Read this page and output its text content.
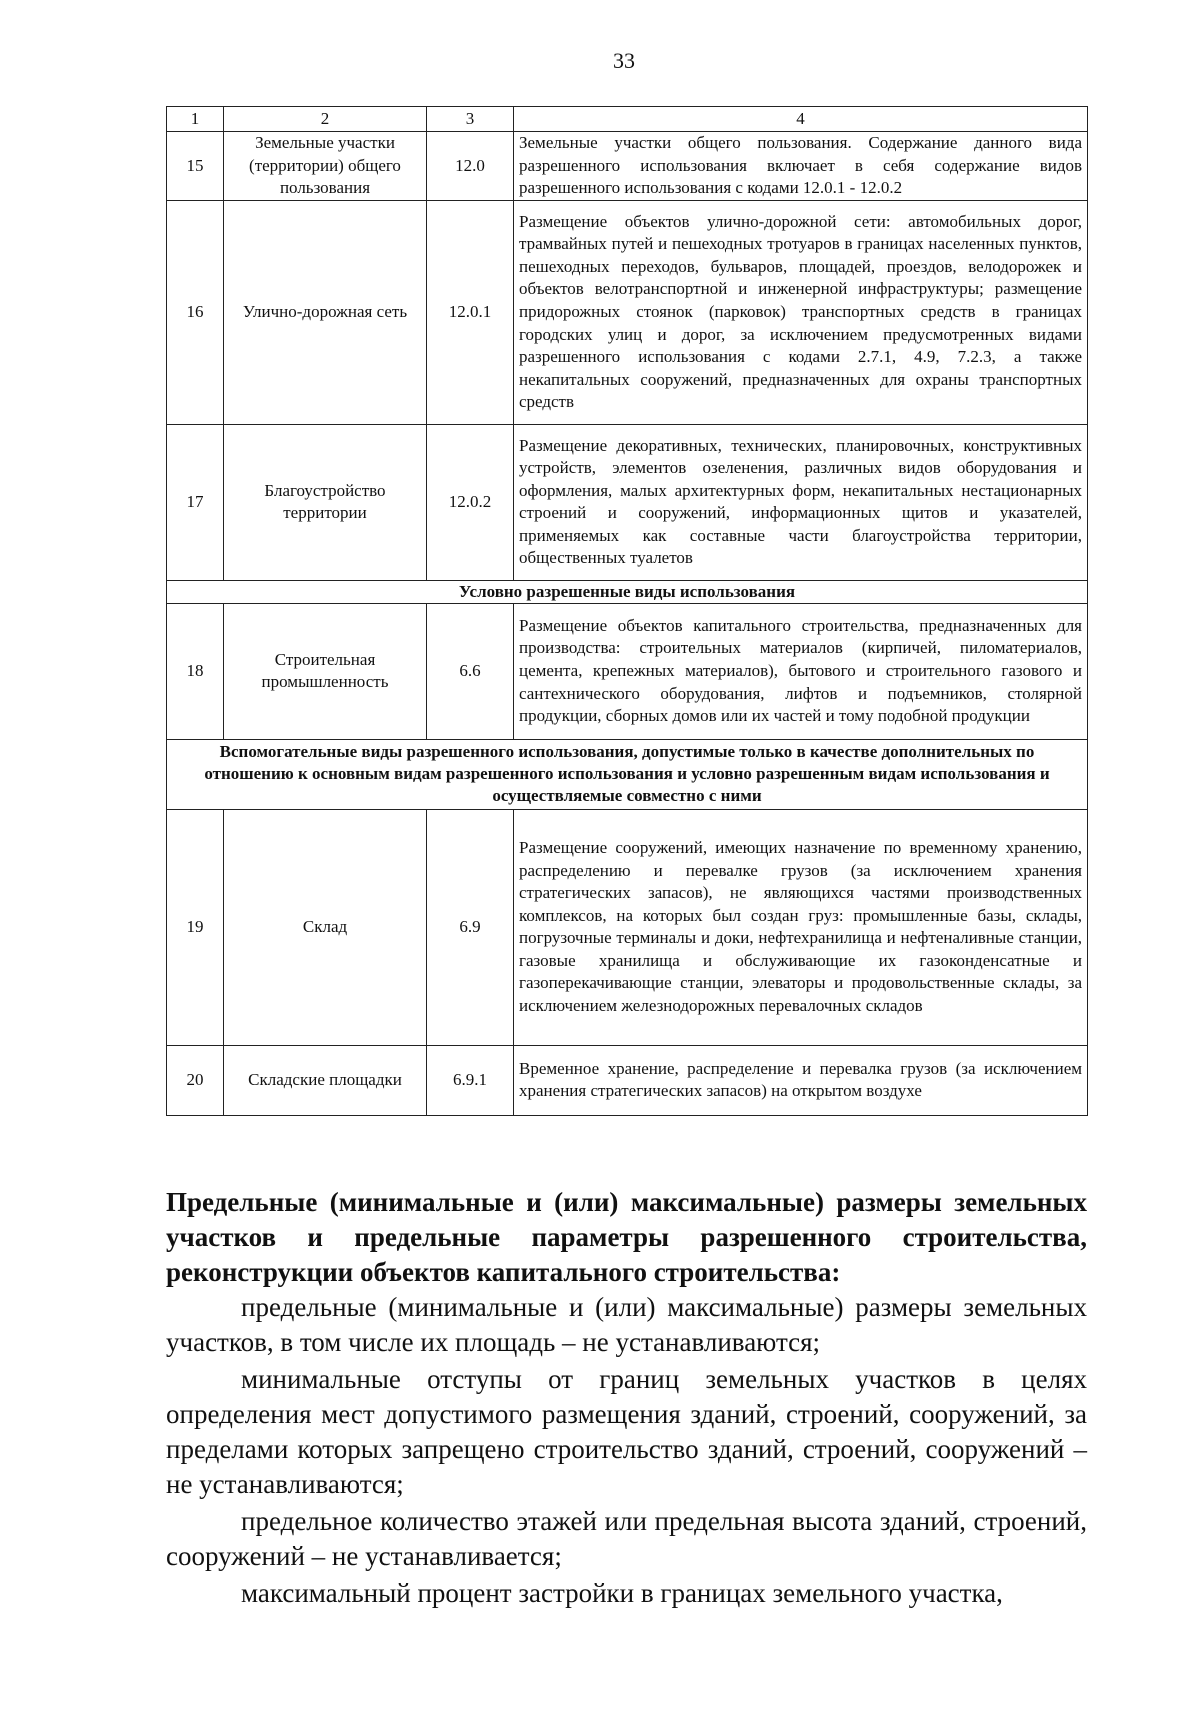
33
1	2	3	4
15	Земельные участки (территории) общего пользования	12.0	Земельные участки общего пользования. Содержание данного вида разрешенного использования включает в себя содержание видов разрешенного использования с кодами 12.0.1 - 12.0.2
16	Улично-дорожная сеть	12.0.1	Размещение объектов улично-дорожной сети: автомобильных дорог, трамвайных путей и пешеходных тротуаров в границах населенных пунктов, пешеходных переходов, бульваров, площадей, проездов, велодорожек и объектов велотранспортной и инженерной инфраструктуры; размещение придорожных стоянок (парковок) транспортных средств в границах городских улиц и дорог, за исключением предусмотренных видами разрешенного использования с кодами 2.7.1, 4.9, 7.2.3, а также некапитальных сооружений, предназначенных для охраны транспортных средств
17	Благоустройство территории	12.0.2	Размещение декоративных, технических, планировочных, конструктивных устройств, элементов озеленения, различных видов оборудования и оформления, малых архитектурных форм, некапитальных нестационарных строений и сооружений, информационных щитов и указателей, применяемых как составные части благоустройства территории, общественных туалетов
Условно разрешенные виды использования			
18	Строительная промышленность	6.6	Размещение объектов капитального строительства, предназначенных для производства: строительных материалов (кирпичей, пиломатериалов, цемента, крепежных материалов), бытового и строительного газового и сантехнического оборудования, лифтов и подъемников, столярной продукции, сборных домов или их частей и тому подобной продукции
Вспомогательные виды разрешенного использования, допустимые только в качестве дополнительных по отношению к основным видам разрешенного использования и условно разрешенным видам использования и осуществляемые совместно с ними			
19	Склад	6.9	Размещение сооружений, имеющих назначение по временному хранению, распределению и перевалке грузов (за исключением хранения стратегических запасов), не являющихся частями производственных комплексов, на которых был создан груз: промышленные базы, склады, погрузочные терминалы и доки, нефтехранилища и нефтеналивные станции, газовые хранилища и обслуживающие их газоконденсатные и газоперекачивающие станции, элеваторы и продовольственные склады, за исключением железнодорожных перевалочных складов
20	Складские площадки	6.9.1	Временное хранение, распределение и перевалка грузов (за исключением хранения стратегических запасов) на открытом воздухе

Предельные (минимальные и (или) максимальные) размеры земельных участков и предельные параметры разрешенного строительства, реконструкции объектов капитального строительства:

предельные (минимальные и (или) максимальные) размеры земельных участков, в том числе их площадь – не устанавливаются;

минимальные отступы от границ земельных участков в целях определения мест допустимого размещения зданий, строений, сооружений, за пределами которых запрещено строительство зданий, строений, сооружений – не устанавливаются;

предельное количество этажей или предельная высота зданий, строений, сооружений – не устанавливается;

максимальный процент застройки в границах земельного участка,
